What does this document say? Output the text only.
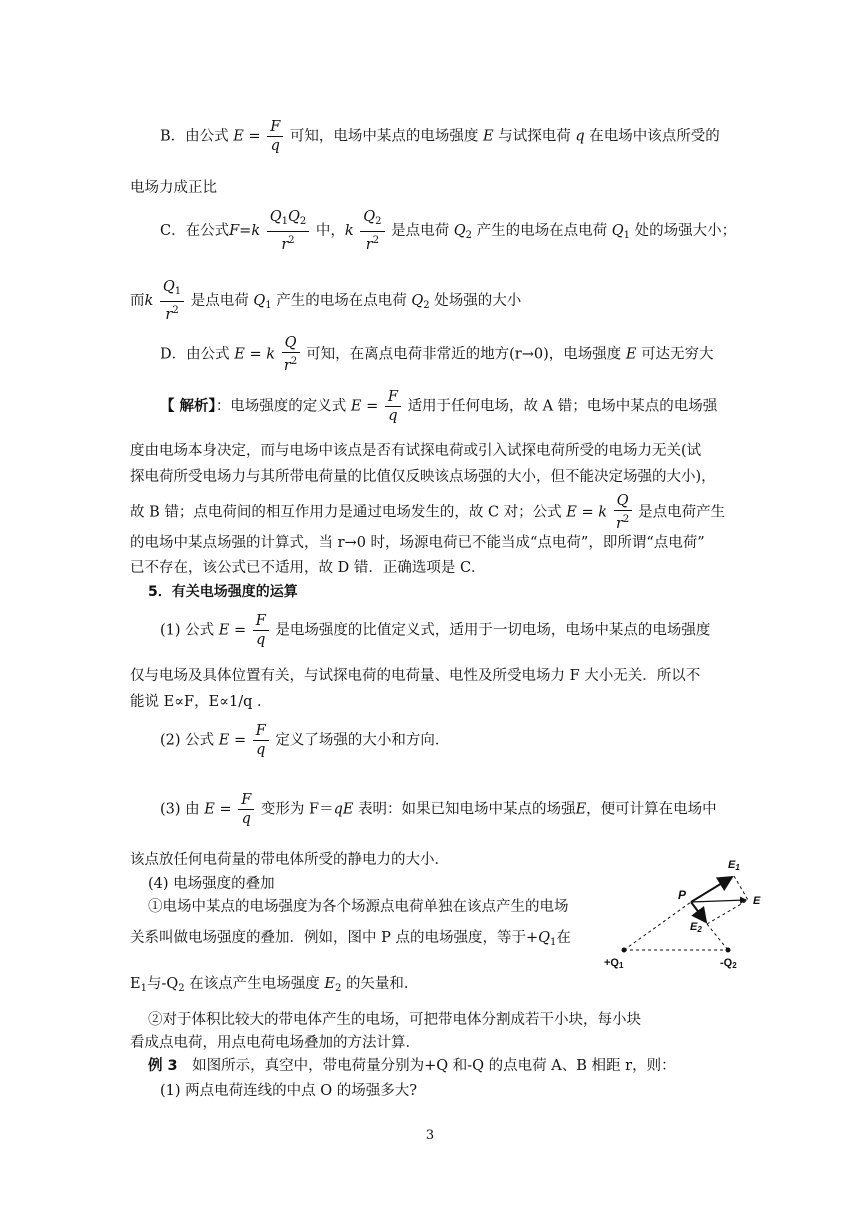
B．由公式 $E = \frac{F}{q}$ 可知，电场中某点的电场强度 E 与试探电荷 q 在电场中该点所受的
电场力成正比
C．在公式$F=k \frac{Q_1Q_2}{r^2}$ 中，k $\frac{Q_2}{r^2}$ 是点电荷 $Q_2$ 产生的电场在点电荷 $Q_1$ 处的场强大小；
而k $\frac{Q_1}{r^2}$ 是点电荷 $Q_1$ 产生的电场在点电荷 $Q_2$ 处场强的大小
D．由公式 E = k $\frac{Q}{r^2}$ 可知，在离点电荷非常近的地方(r→0)，电场强度 E 可达无穷大
【 解析】：电场强度的定义式 $E = \frac{F}{q}$ 适用于任何电场，故 A 错；电场中某点的电场强
度由电场本身决定，而与电场中该点是否有试探电荷或引入试探电荷所受的电场力无关(试
探电荷所受电场力与其所带电荷量的比值仅反映该点场强的大小，但不能决定场强的大小)，
故 B 错；点电荷间的相互作用力是通过电场发生的，故 C 对；公式 E = k $\frac{Q}{r^2}$ 是点电荷产生
的电场中某点场强的计算式，当 r→0 时，场源电荷已不能当成“点电荷”，即所谓“点电荷”
已不存在，该公式已不适用，故 D 错．正确选项是 C．
5．有关电场强度的运算
(1) 公式 $E = \frac{F}{q}$ 是电场强度的比值定义式，适用于一切电场，电场中某点的电场强度
仅与电场及具体位置有关，与试探电荷的电荷量、电性及所受电场力 F 大小无关．所以不
能说 E∝F，E∝1/q ．
(2) 公式 $E = \frac{F}{q}$ 定义了场强的大小和方向．
(3) 由 $E = \frac{F}{q}$ 变形为 F＝qE 表明：如果已知电场中某点的场强E，便可计算在电场中
该点放任何电荷量的带电体所受的静电力的大小．
(4) 电场强度的叠加
①电场中某点的电场强度为各个场源点电荷单独在该点产生的电场
关系叫做电场强度的叠加．例如，图中 P 点的电场强度，等于$+Q_1$在
$E_1$与$-Q_2$ 在该点产生电场强度 $E_2$ 的矢量和．
②对于体积比较大的带电体产生的电场，可把带电体分割成若干小块，每小块
看成点电荷，用点电荷电场叠加的方法计算．
例 3　如图所示，真空中，带电荷量分别为+Q 和-Q 的点电荷 A、B 相距 r，则：
(1) 两点电荷连线的中点 O 的场强多大?
P
E1
E
E2
+Q1	-Q2
3
